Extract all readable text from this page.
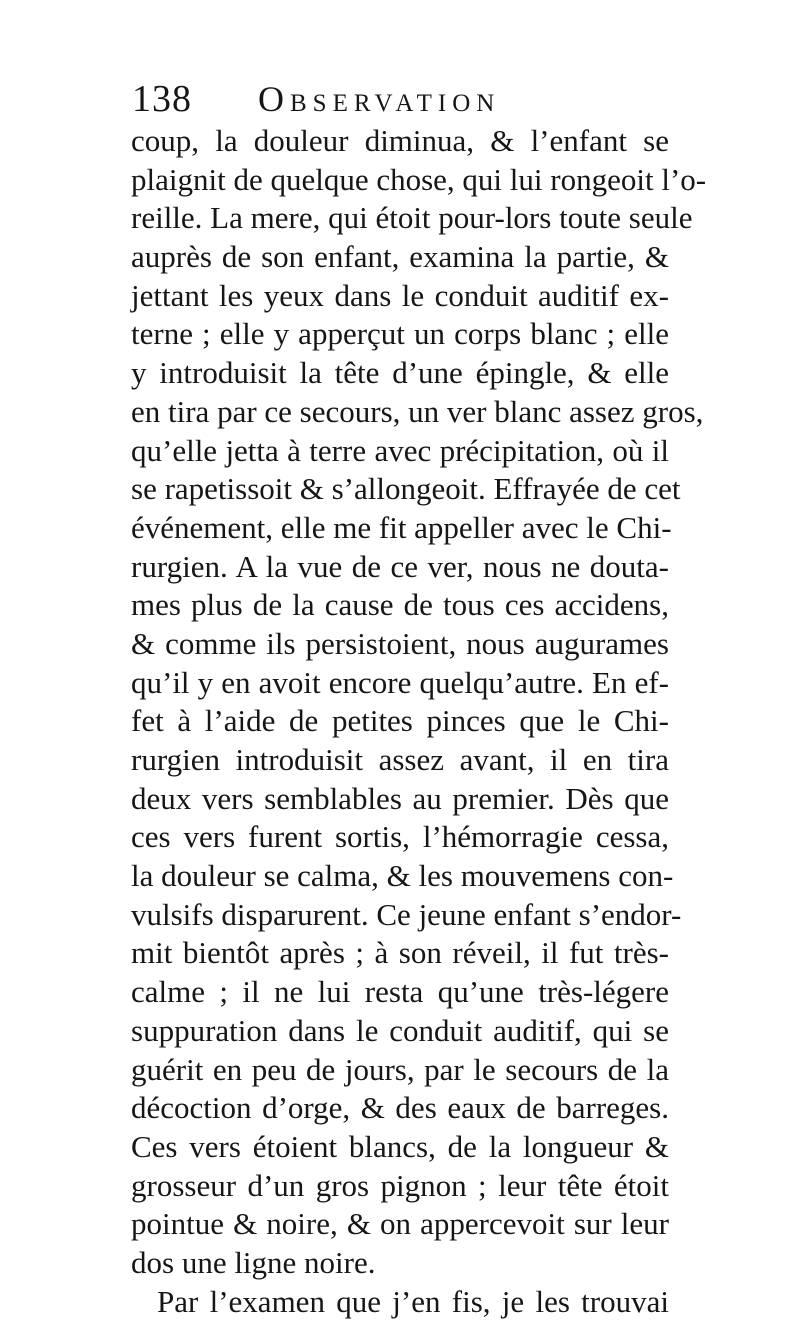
138 Observation
coup, la douleur diminua, & l’enfant se
plaignit de quelque chose, qui lui rongeoit l’o-
reille. La mere, qui étoit pour-lors toute seule
auprès de son enfant, examina la partie, &
jettant les yeux dans le conduit auditif ex-
terne ; elle y apperçut un corps blanc ; elle
y introduisit la tête d’une épingle, & elle
en tira par ce secours, un ver blanc assez gros,
qu’elle jetta à terre avec précipitation, où il
se rapetissoit & s’allongeoit. Effrayée de cet
événement, elle me fit appeller avec le Chi-
rurgien. A la vue de ce ver, nous ne douta-
mes plus de la cause de tous ces accidens,
& comme ils persistoient, nous augurames
qu’il y en avoit encore quelqu’autre. En ef-
fet à l’aide de petites pinces que le Chi-
rurgien introduisit assez avant, il en tira
deux vers semblables au premier. Dès que
ces vers furent sortis, l’hémorragie cessa,
la douleur se calma, & les mouvemens con-
vulsifs disparurent. Ce jeune enfant s’endor-
mit bientôt après ; à son réveil, il fut très-
calme ; il ne lui resta qu’une très-légere
suppuration dans le conduit auditif, qui se
guérit en peu de jours, par le secours de la
décoction d’orge, & des eaux de barreges.
Ces vers étoient blancs, de la longueur &
grosseur d’un gros pignon ; leur tête étoit
pointue & noire, & on appercevoit sur leur
dos une ligne noire.
Par l’examen que j’en fis, je les trouvai
